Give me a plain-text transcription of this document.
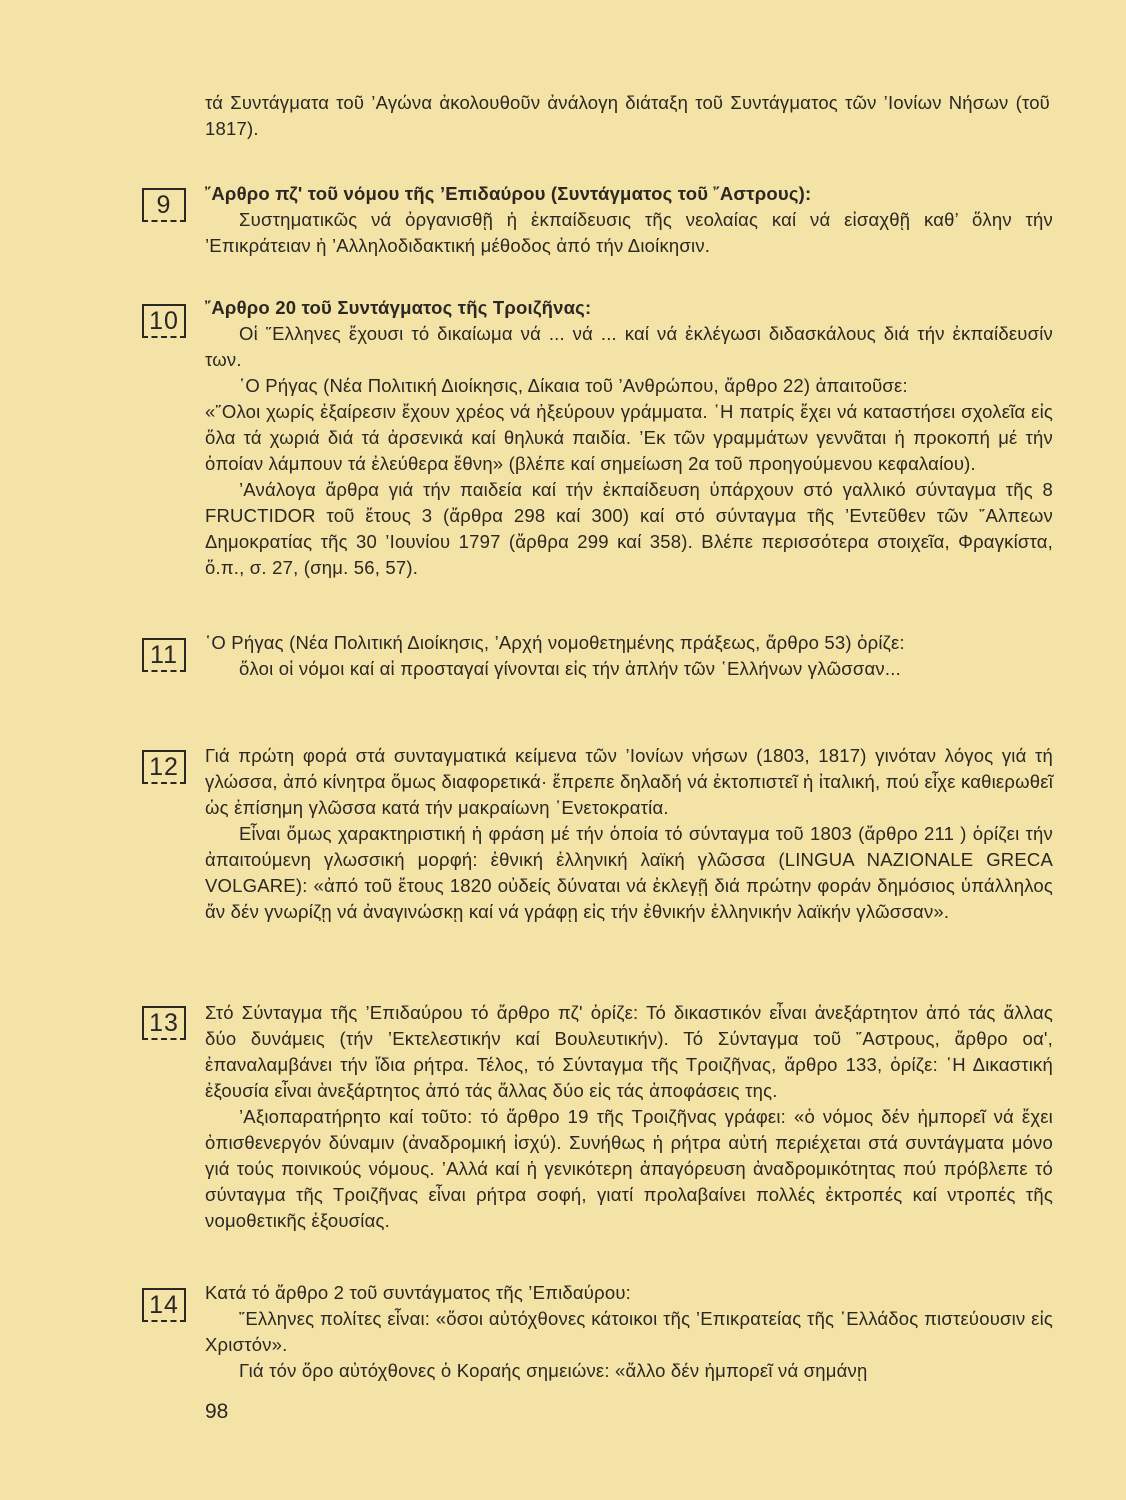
τά Συντάγματα τοῦ ’Αγώνα ἀκολουθοῦν ἀνάλογη διάταξη τοῦ Συντάγματος τῶν ’Ιονίων Νήσων (τοῦ 1817).

9	῎Αρθρο πζ' τοῦ νόμου τῆς ’Επιδαύρου (Συντάγματος τοῦ ῎Αστρους):

Συστηματικῶς νά ὀργανισθῇ ἡ ἐκπαίδευσις τῆς νεολαίας καί νά εἰσαχθῇ καθ’ ὅλην τήν ’Επικράτειαν ἡ ’Αλληλοδιδακτική μέθοδος ἀπό τήν Διοίκησιν.

10	῎Αρθρο 20 τοῦ Συντάγματος τῆς Τροιζῆνας:

Οἱ ῞Ελληνες ἔχουσι τό δικαίωμα νά ... νά ... καί νά ἐκλέγωσι διδασκάλους διά τήν ἐκπαίδευσίν των.

῾Ο Ρήγας (Νέα Πολιτική Διοίκησις, Δίκαια τοῦ ’Ανθρώπου, ἄρθρο 22) ἀπαιτοῦσε:

«῞Ολοι χωρίς ἐξαίρεσιν ἔχουν χρέος νά ἠξεύρουν γράμματα. ῾Η πατρίς ἔχει νά καταστήσει σχολεῖα εἰς ὅλα τά χωριά διά τά ἀρσενικά καί θηλυκά παιδία. ’Εκ τῶν γραμμάτων γεννᾶται ἡ προκοπή μέ τήν ὁποίαν λάμπουν τά ἐλεύθερα ἔθνη» (βλέπε καί σημείωση 2α τοῦ προηγούμενου κεφαλαίου).

’Ανάλογα ἄρθρα γιά τήν παιδεία καί τήν ἐκπαίδευση ὑπάρχουν στό γαλλικό σύνταγμα τῆς 8 FRUCTIDOR τοῦ ἔτους 3 (ἄρθρα 298 καί 300) καί στό σύνταγμα τῆς ’Εντεῦθεν τῶν ῎Αλπεων Δημοκρατίας τῆς 30 ’Ιουνίου 1797 (ἄρθρα 299 καί 358). Βλέπε περισσότερα στοιχεῖα, Φραγκίστα, ὅ.π., σ. 27, (σημ. 56, 57).

11	῾Ο Ρήγας (Νέα Πολιτική Διοίκησις, ’Αρχή νομοθετημένης πράξεως, ἄρθρο 53) ὁρίζε:

ὅλοι οἱ νόμοι καί αἱ προσταγαί γίνονται εἰς τήν ἁπλήν τῶν ῾Ελλήνων γλῶσσαν...

12	Γιά πρώτη φορά στά συνταγματικά κείμενα τῶν ’Ιονίων νήσων (1803, 1817) γινόταν λόγος γιά τή γλώσσα, ἀπό κίνητρα ὅμως διαφορετικά· ἔπρεπε δηλαδή νά ἐκτοπιστεῖ ἡ ἰταλική, πού εἶχε καθιερωθεῖ ὡς ἐπίσημη γλῶσσα κατά τήν μακραίωνη ῾Ενετοκρατία.

Εἶναι ὅμως χαρακτηριστική ἡ φράση μέ τήν ὁποία τό σύνταγμα τοῦ 1803 (ἄρθρο 211 ) ὁρίζει τήν ἀπαιτούμενη γλωσσική μορφή: ἐθνική ἑλληνική λαϊκή γλῶσσα (LINGUA NAZIONALE GRECA VOLGARE): «ἀπό τοῦ ἔτους 1820 οὐδείς δύναται νά ἐκλεγῇ διά πρώτην φοράν δημόσιος ὑπάλληλος ἄν δέν γνωρίζῃ νά ἀναγινώσκῃ καί νά γράφῃ εἰς τήν ἐθνικήν ἑλληνικήν λαϊκήν γλῶσσαν».

13	Στό Σύνταγμα τῆς ’Επιδαύρου τό ἄρθρο πζ' ὁρίζε: Τό δικαστικόν εἶναι ἀνεξάρτητον ἀπό τάς ἄλλας δύο δυνάμεις (τήν ’Εκτελεστικήν καί Βουλευτικήν). Τό Σύνταγμα τοῦ ῎Αστρους, ἄρθρο οα', ἐπαναλαμβάνει τήν ἴδια ρήτρα. Τέλος, τό Σύνταγμα τῆς Τροιζῆνας, ἄρθρο 133, ὁρίζε: ῾Η Δικαστική ἐξουσία εἶναι ἀνεξάρτητος ἀπό τάς ἄλλας δύο εἰς τάς ἀποφάσεις της.

’Αξιοπαρατήρητο καί τοῦτο: τό ἄρθρο 19 τῆς Τροιζῆνας γράφει: «ὁ νόμος δέν ἠμπορεῖ νά ἔχει ὀπισθενεργόν δύναμιν (ἀναδρομική ἰσχύ). Συνήθως ἡ ρήτρα αὐτή περιέχεται στά συντάγματα μόνο γιά τούς ποινικούς νόμους. ’Αλλά καί ἡ γενικότερη ἀπαγόρευση ἀναδρομικότητας πού πρόβλεπε τό σύνταγμα τῆς Τροιζῆνας εἶναι ρήτρα σοφή, γιατί προλαβαίνει πολλές ἐκτροπές καί ντροπές τῆς νομοθετικῆς ἐξουσίας.

14	Κατά τό ἄρθρο 2 τοῦ συντάγματος τῆς ’Επιδαύρου:

῞Ελληνες πολίτες εἶναι: «ὅσοι αὐτόχθονες κάτοικοι τῆς ’Επικρατείας τῆς ῾Ελλάδος πιστεύουσιν εἰς Χριστόν».

Γιά τόν ὅρο αὐτόχθονες ὁ Κοραής σημειώνε: «ἄλλο δέν ἠμπορεῖ νά σημάνῃ

98
